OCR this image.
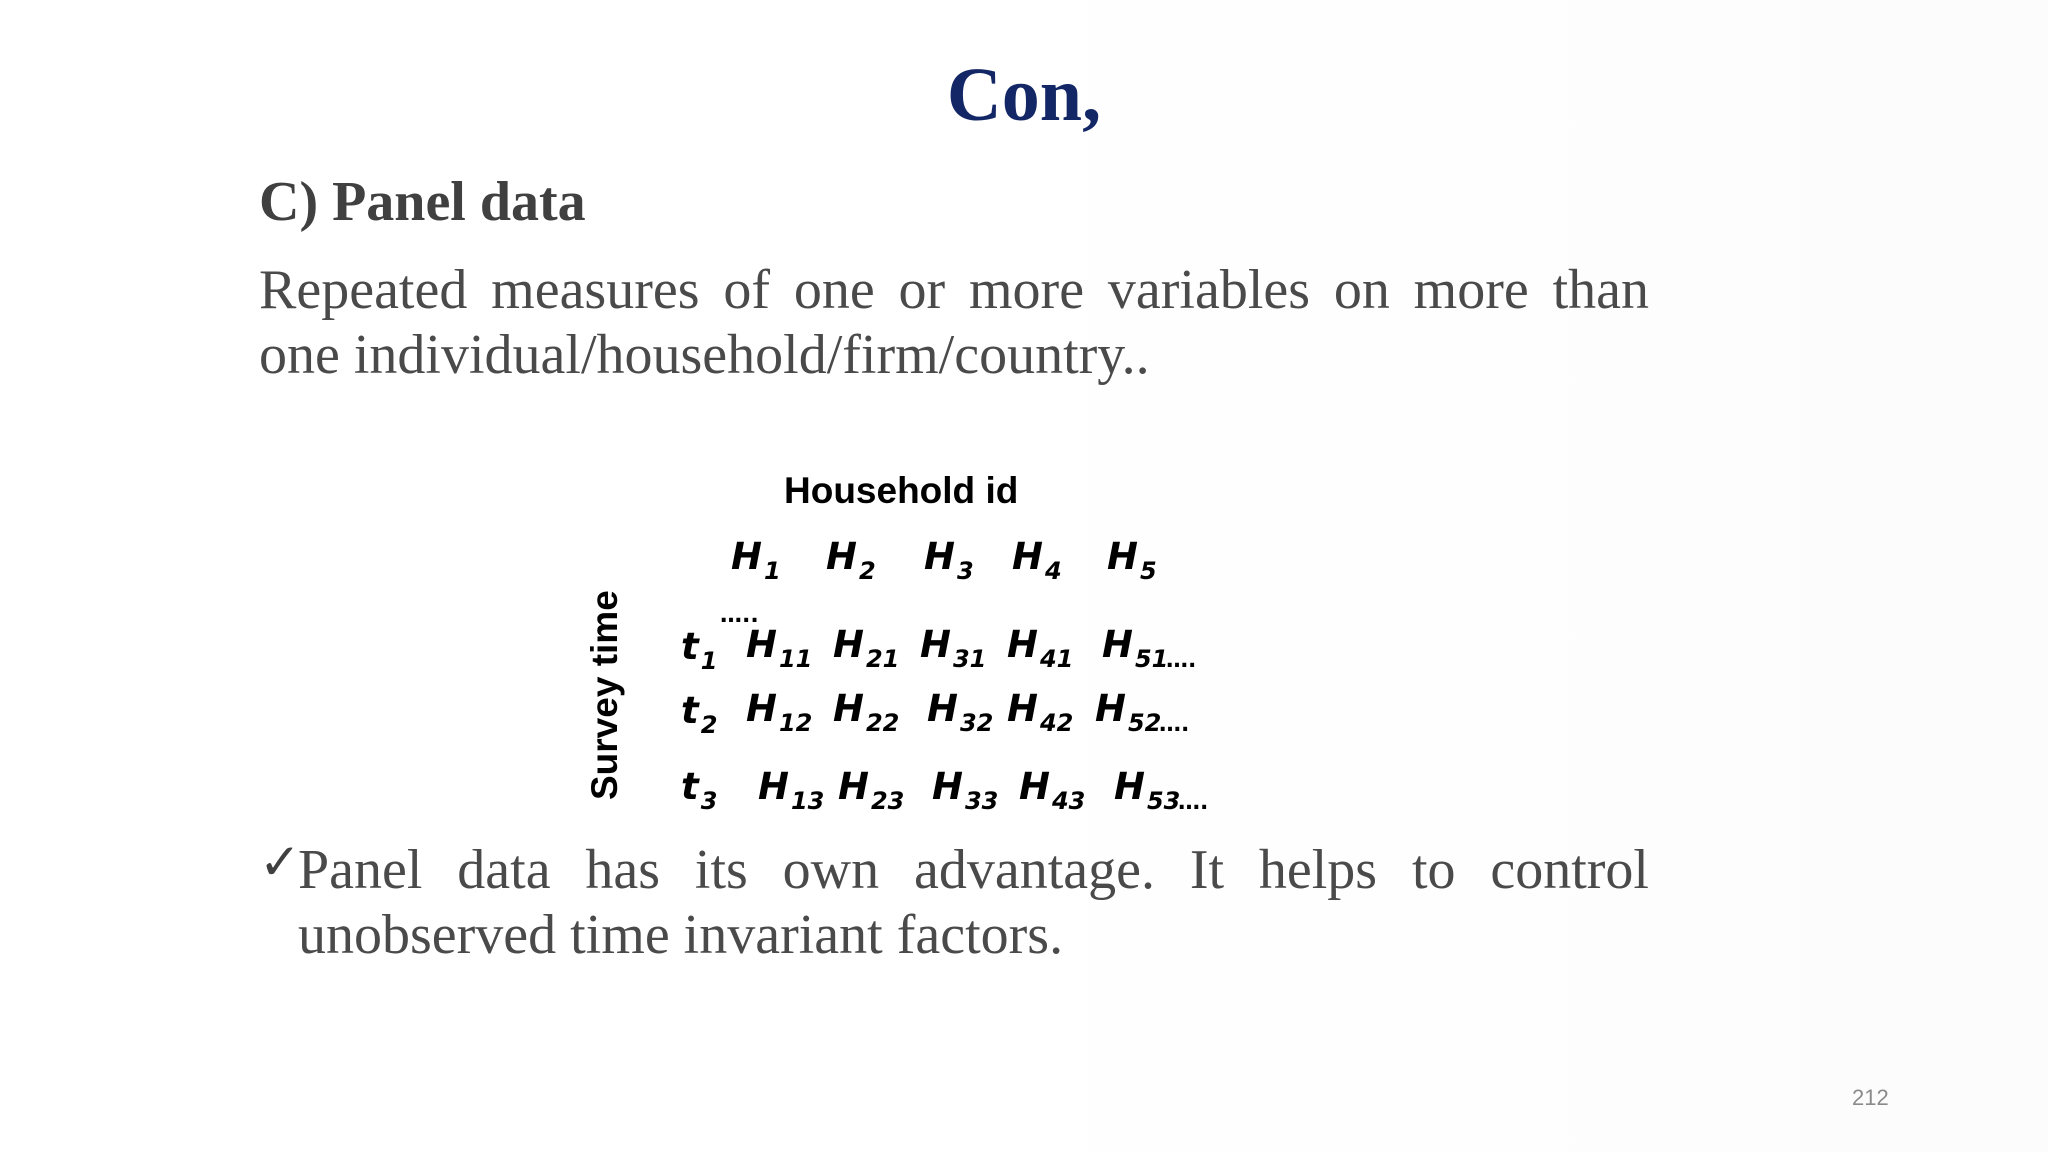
Con,
C) Panel data
Repeated measures of one or more variables on more than
one individual/household/firm/country..
Household id
Survey time
$H_1$ $H_2$ $H_3$ $H_4$ $H_5$
…..
$t_1$ $H_{11}$ $H_{21}$ $H_{31}$ $H_{41}$ $H_{51}$
….
$t_2$ $H_{12}$ $H_{22}$ $H_{32}$ $H_{42}$ $H_{52}$
….
$t_3$ $H_{13}$ $H_{23}$ $H_{33}$ $H_{43}$ $H_{53}$
….
✓
Panel data has its own advantage. It helps to control
unobserved time invariant factors.
212
